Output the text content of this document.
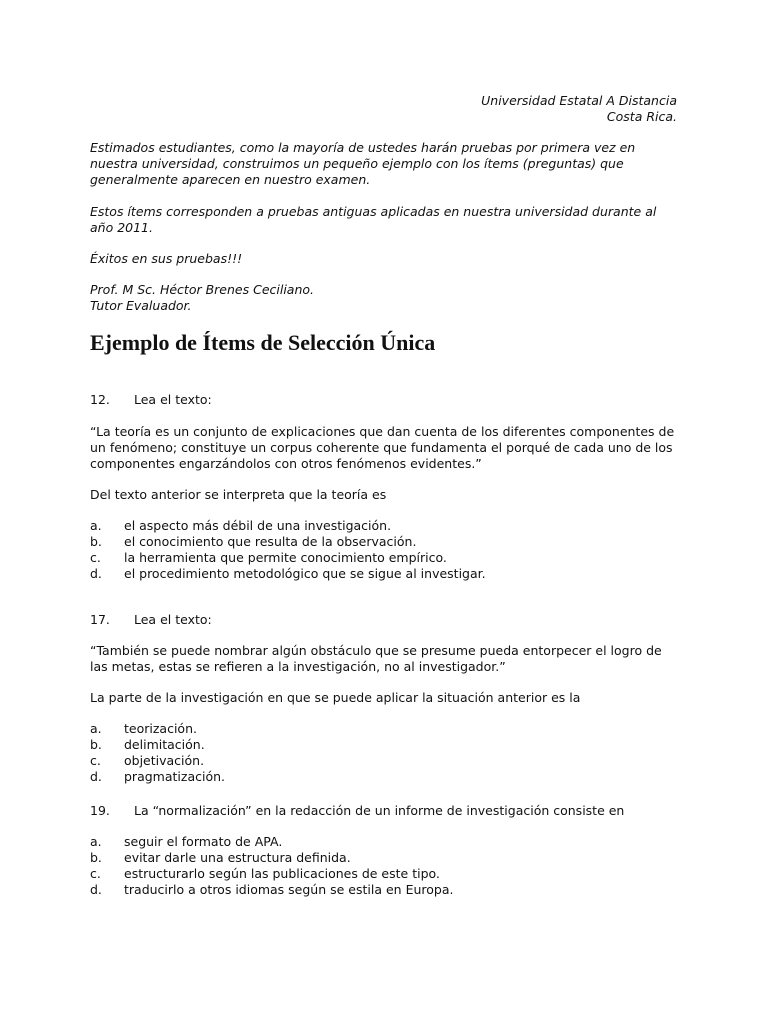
Universidad Estatal A Distancia
Costa Rica.

Estimados estudiantes, como la mayoría de ustedes harán pruebas por primera vez en nuestra universidad, construimos un pequeño ejemplo con los ítems (preguntas) que generalmente aparecen en nuestro examen.

Estos ítems corresponden a pruebas antiguas aplicadas en nuestra universidad durante al año 2011.

Éxitos en sus pruebas!!!

Prof. M Sc. Héctor Brenes Ceciliano.
Tutor Evaluador.
Ejemplo de Ítems de Selección Única
12.	Lea el texto:

“La teoría es un conjunto de explicaciones que dan cuenta de los diferentes componentes de un fenómeno; constituye un corpus coherente que fundamenta el porqué de cada uno de los componentes engarzándolos con otros fenómenos evidentes.”

Del texto anterior se interpreta que la teoría es

a.	el aspecto más débil de una investigación.
b.	el conocimiento que resulta de la observación.
c.	la herramienta que permite conocimiento empírico.
d.	el procedimiento metodológico que se sigue al investigar.
17.	Lea el texto:

“También se puede nombrar algún obstáculo que se presume pueda entorpecer el logro de las metas, estas se refieren a la investigación, no al investigador.”

La parte de la investigación en que se puede aplicar la situación anterior es la

a.	teorización.
b.	delimitación.
c.	objetivación.
d.	pragmatización.
19.	La “normalización” en la redacción de un informe de investigación consiste en
a.	seguir el formato de APA.
b.	evitar darle una estructura definida.
c.	estructurarlo según las publicaciones de este tipo.
d.	traducirlo a otros idiomas según se estila en Europa.
